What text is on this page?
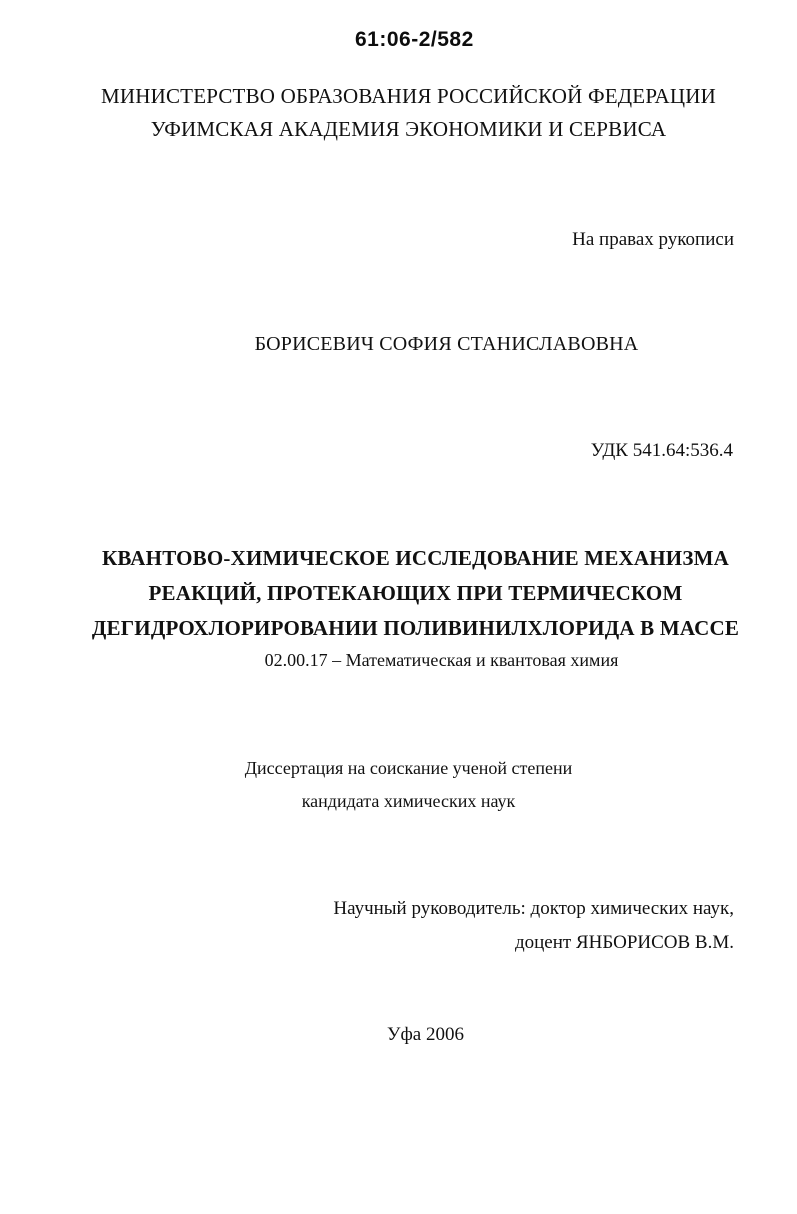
61:06-2/582
МИНИСТЕРСТВО ОБРАЗОВАНИЯ РОССИЙСКОЙ ФЕДЕРАЦИИ
УФИМСКАЯ АКАДЕМИЯ ЭКОНОМИКИ И СЕРВИСА
На правах рукописи
БОРИСЕВИЧ СОФИЯ СТАНИСЛАВОВНА
УДК 541.64:536.4
КВАНТОВО-ХИМИЧЕСКОЕ ИССЛЕДОВАНИЕ МЕХАНИЗМА
РЕАКЦИЙ, ПРОТЕКАЮЩИХ ПРИ ТЕРМИЧЕСКОМ
ДЕГИДРОХЛОРИРОВАНИИ ПОЛИВИНИЛХЛОРИДА В МАССЕ
02.00.17 – Математическая и квантовая химия
Диссертация на соискание ученой степени
кандидата химических наук
Научный руководитель: доктор химических наук,
доцент ЯНБОРИСОВ В.М.
Уфа 2006
